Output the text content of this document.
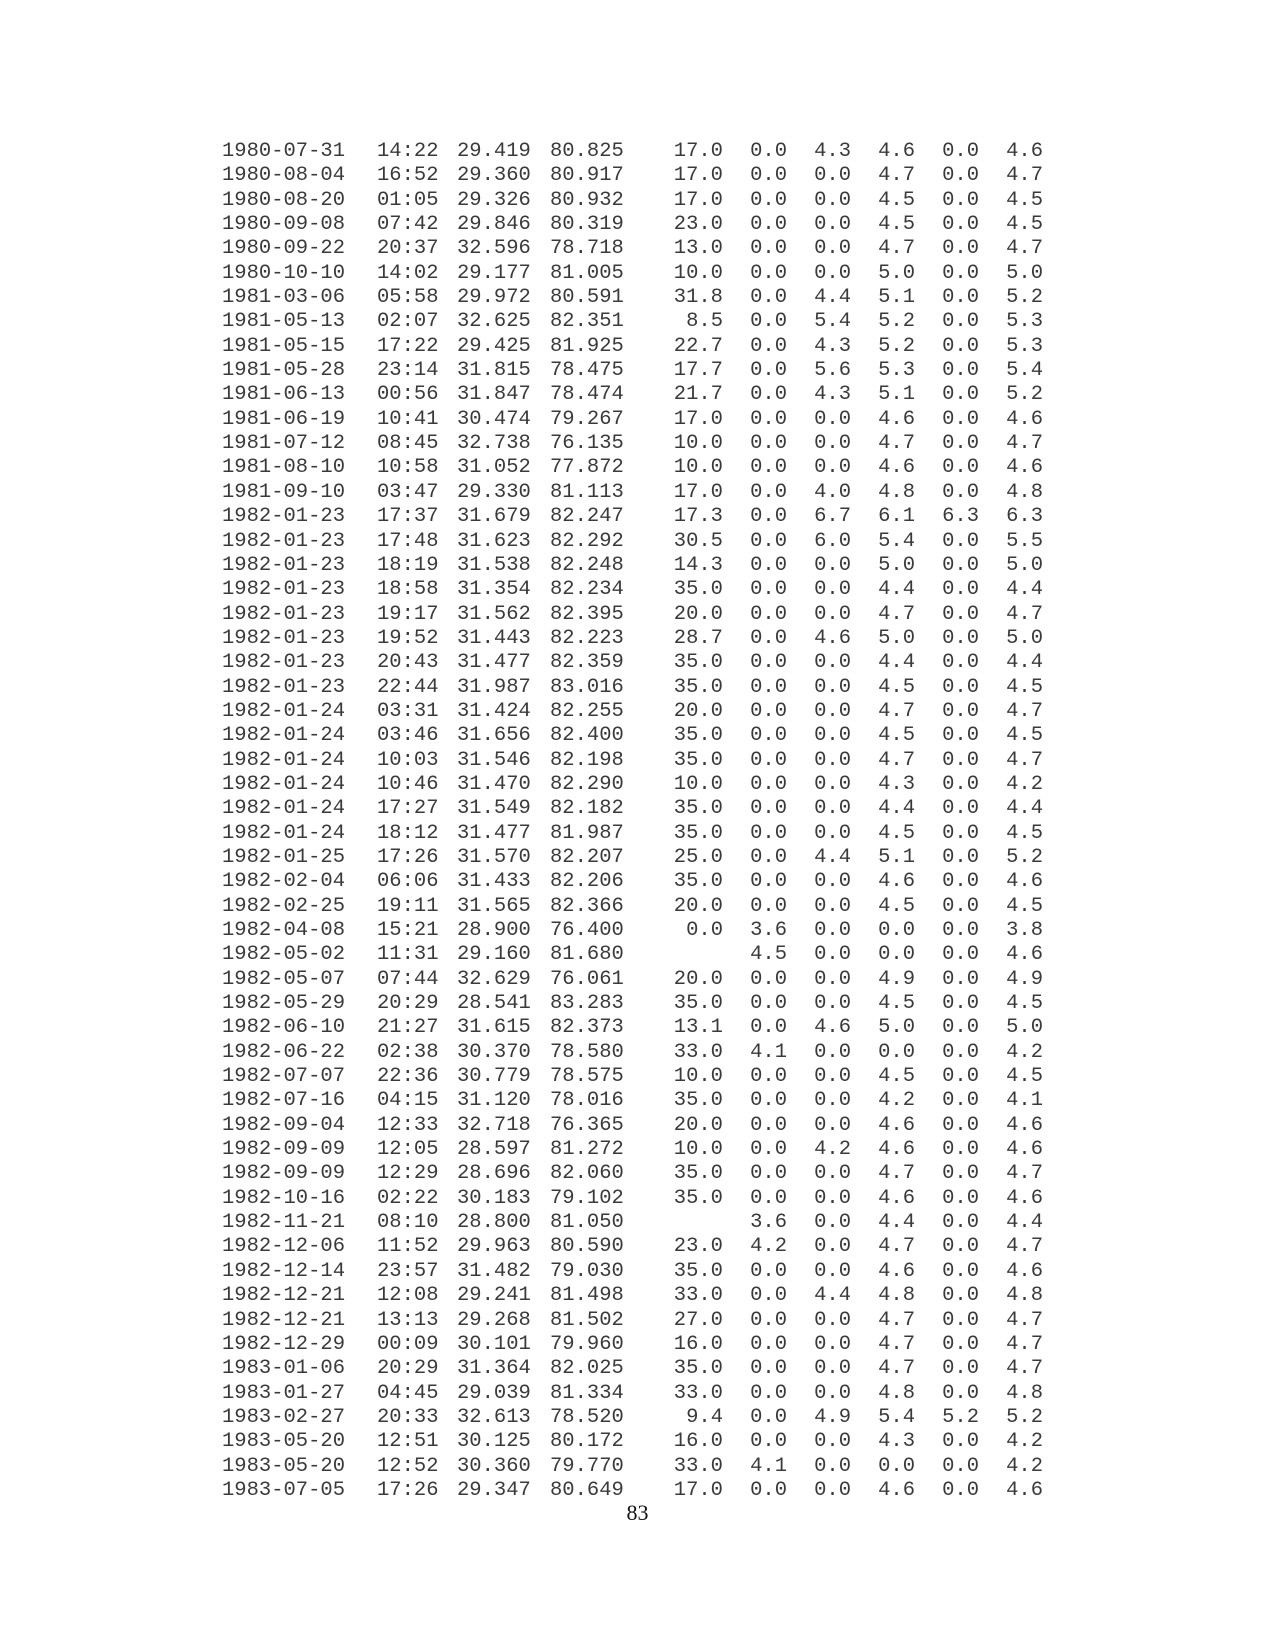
1980-07-31	14:22	29.419	80.825	17.0	0.0	4.3	4.6	0.0	4.6
1980-08-04	16:52	29.360	80.917	17.0	0.0	0.0	4.7	0.0	4.7
1980-08-20	01:05	29.326	80.932	17.0	0.0	0.0	4.5	0.0	4.5
1980-09-08	07:42	29.846	80.319	23.0	0.0	0.0	4.5	0.0	4.5
1980-09-22	20:37	32.596	78.718	13.0	0.0	0.0	4.7	0.0	4.7
1980-10-10	14:02	29.177	81.005	10.0	0.0	0.0	5.0	0.0	5.0
1981-03-06	05:58	29.972	80.591	31.8	0.0	4.4	5.1	0.0	5.2
1981-05-13	02:07	32.625	82.351	8.5	0.0	5.4	5.2	0.0	5.3
1981-05-15	17:22	29.425	81.925	22.7	0.0	4.3	5.2	0.0	5.3
1981-05-28	23:14	31.815	78.475	17.7	0.0	5.6	5.3	0.0	5.4
1981-06-13	00:56	31.847	78.474	21.7	0.0	4.3	5.1	0.0	5.2
1981-06-19	10:41	30.474	79.267	17.0	0.0	0.0	4.6	0.0	4.6
1981-07-12	08:45	32.738	76.135	10.0	0.0	0.0	4.7	0.0	4.7
1981-08-10	10:58	31.052	77.872	10.0	0.0	0.0	4.6	0.0	4.6
1981-09-10	03:47	29.330	81.113	17.0	0.0	4.0	4.8	0.0	4.8
1982-01-23	17:37	31.679	82.247	17.3	0.0	6.7	6.1	6.3	6.3
1982-01-23	17:48	31.623	82.292	30.5	0.0	6.0	5.4	0.0	5.5
1982-01-23	18:19	31.538	82.248	14.3	0.0	0.0	5.0	0.0	5.0
1982-01-23	18:58	31.354	82.234	35.0	0.0	0.0	4.4	0.0	4.4
1982-01-23	19:17	31.562	82.395	20.0	0.0	0.0	4.7	0.0	4.7
1982-01-23	19:52	31.443	82.223	28.7	0.0	4.6	5.0	0.0	5.0
1982-01-23	20:43	31.477	82.359	35.0	0.0	0.0	4.4	0.0	4.4
1982-01-23	22:44	31.987	83.016	35.0	0.0	0.0	4.5	0.0	4.5
1982-01-24	03:31	31.424	82.255	20.0	0.0	0.0	4.7	0.0	4.7
1982-01-24	03:46	31.656	82.400	35.0	0.0	0.0	4.5	0.0	4.5
1982-01-24	10:03	31.546	82.198	35.0	0.0	0.0	4.7	0.0	4.7
1982-01-24	10:46	31.470	82.290	10.0	0.0	0.0	4.3	0.0	4.2
1982-01-24	17:27	31.549	82.182	35.0	0.0	0.0	4.4	0.0	4.4
1982-01-24	18:12	31.477	81.987	35.0	0.0	0.0	4.5	0.0	4.5
1982-01-25	17:26	31.570	82.207	25.0	0.0	4.4	5.1	0.0	5.2
1982-02-04	06:06	31.433	82.206	35.0	0.0	0.0	4.6	0.0	4.6
1982-02-25	19:11	31.565	82.366	20.0	0.0	0.0	4.5	0.0	4.5
1982-04-08	15:21	28.900	76.400	0.0	3.6	0.0	0.0	0.0	3.8
1982-05-02	11:31	29.160	81.680		4.5	0.0	0.0	0.0	4.6
1982-05-07	07:44	32.629	76.061	20.0	0.0	0.0	4.9	0.0	4.9
1982-05-29	20:29	28.541	83.283	35.0	0.0	0.0	4.5	0.0	4.5
1982-06-10	21:27	31.615	82.373	13.1	0.0	4.6	5.0	0.0	5.0
1982-06-22	02:38	30.370	78.580	33.0	4.1	0.0	0.0	0.0	4.2
1982-07-07	22:36	30.779	78.575	10.0	0.0	0.0	4.5	0.0	4.5
1982-07-16	04:15	31.120	78.016	35.0	0.0	0.0	4.2	0.0	4.1
1982-09-04	12:33	32.718	76.365	20.0	0.0	0.0	4.6	0.0	4.6
1982-09-09	12:05	28.597	81.272	10.0	0.0	4.2	4.6	0.0	4.6
1982-09-09	12:29	28.696	82.060	35.0	0.0	0.0	4.7	0.0	4.7
1982-10-16	02:22	30.183	79.102	35.0	0.0	0.0	4.6	0.0	4.6
1982-11-21	08:10	28.800	81.050		3.6	0.0	4.4	0.0	4.4
1982-12-06	11:52	29.963	80.590	23.0	4.2	0.0	4.7	0.0	4.7
1982-12-14	23:57	31.482	79.030	35.0	0.0	0.0	4.6	0.0	4.6
1982-12-21	12:08	29.241	81.498	33.0	0.0	4.4	4.8	0.0	4.8
1982-12-21	13:13	29.268	81.502	27.0	0.0	0.0	4.7	0.0	4.7
1982-12-29	00:09	30.101	79.960	16.0	0.0	0.0	4.7	0.0	4.7
1983-01-06	20:29	31.364	82.025	35.0	0.0	0.0	4.7	0.0	4.7
1983-01-27	04:45	29.039	81.334	33.0	0.0	0.0	4.8	0.0	4.8
1983-02-27	20:33	32.613	78.520	9.4	0.0	4.9	5.4	5.2	5.2
1983-05-20	12:51	30.125	80.172	16.0	0.0	0.0	4.3	0.0	4.2
1983-05-20	12:52	30.360	79.770	33.0	4.1	0.0	0.0	0.0	4.2
1983-07-05	17:26	29.347	80.649	17.0	0.0	0.0	4.6	0.0	4.6
83
